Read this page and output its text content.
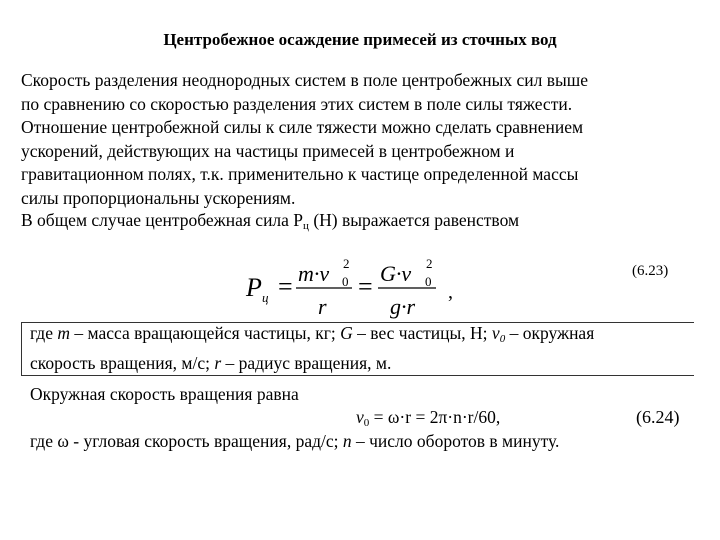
Центробежное осаждение примесей из сточных вод
Скорость разделения неоднородных систем в поле центробежных сил выше
по сравнению со скоростью разделения этих систем в поле силы тяжести.
Отношение центробежной силы к силе тяжести можно сделать сравнением
ускорений, действующих на частицы примесей в центробежном и
гравитационном полях, т.к. применительно к частице определенной массы
силы пропорциональны ускорениям.
В общем случае центробежная сила $Р_ц$ (Н) выражается равенством
P ц = m·v 2
0
r
= G·v 2
0
g·r
,
(6.23)
где m – масса вращающейся частицы, кг; G – вес частицы, Н; $v_0$ – окружная
скорость вращения, м/с; r – радиус вращения, м.
Окружная скорость вращения равна
$v_0 = \omega\cdot r = 2\pi\cdot n\cdot r/60$,	(6.24)
где ω - угловая скорость вращения, рад/с; n – число оборотов в минуту.
